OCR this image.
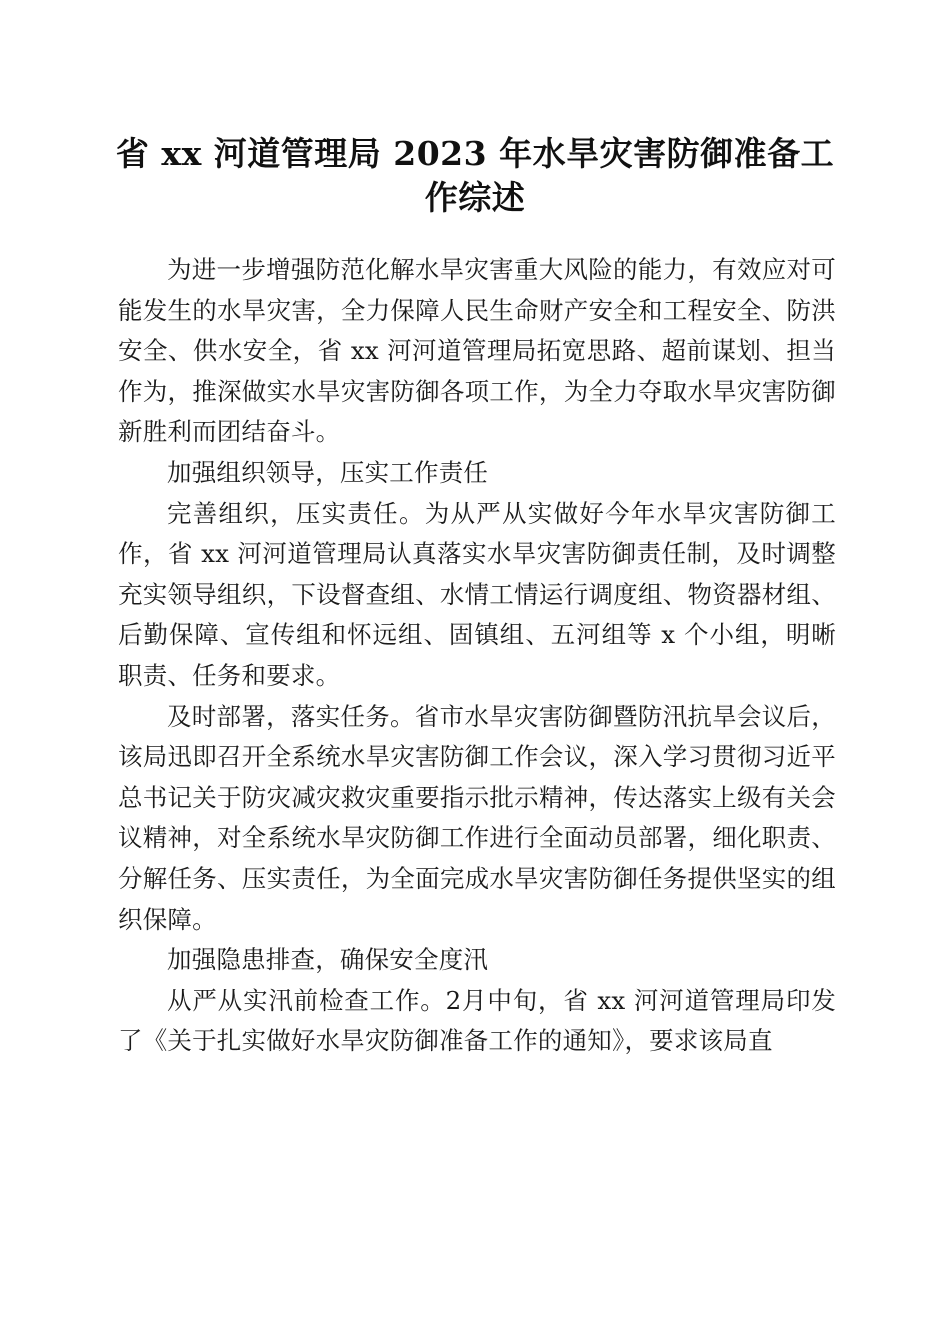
省 xx 河道管理局 2023 年水旱灾害防御准备工作综述

为进一步增强防范化解水旱灾害重大风险的能力，有效应对可能发生的水旱灾害，全力保障人民生命财产安全和工程安全、防洪安全、供水安全，省 xx 河河道管理局拓宽思路、超前谋划、担当作为，推深做实水旱灾害防御各项工作，为全力夺取水旱灾害防御新胜利而团结奋斗。

加强组织领导，压实工作责任

完善组织，压实责任。为从严从实做好今年水旱灾害防御工作，省 xx 河河道管理局认真落实水旱灾害防御责任制，及时调整充实领导组织，下设督查组、水情工情运行调度组、物资器材组、后勤保障、宣传组和怀远组、固镇组、五河组等 x 个小组，明晰职责、任务和要求。

及时部署，落实任务。省市水旱灾害防御暨防汛抗旱会议后，该局迅即召开全系统水旱灾害防御工作会议，深入学习贯彻习近平总书记关于防灾减灾救灾重要指示批示精神，传达落实上级有关会议精神，对全系统水旱灾防御工作进行全面动员部署，细化职责、分解任务、压实责任，为全面完成水旱灾害防御任务提供坚实的组织保障。

加强隐患排查，确保安全度汛

从严从实汛前检查工作。2月中旬，省 xx 河河道管理局印发了《关于扎实做好水旱灾防御准备工作的通知》，要求该局直
